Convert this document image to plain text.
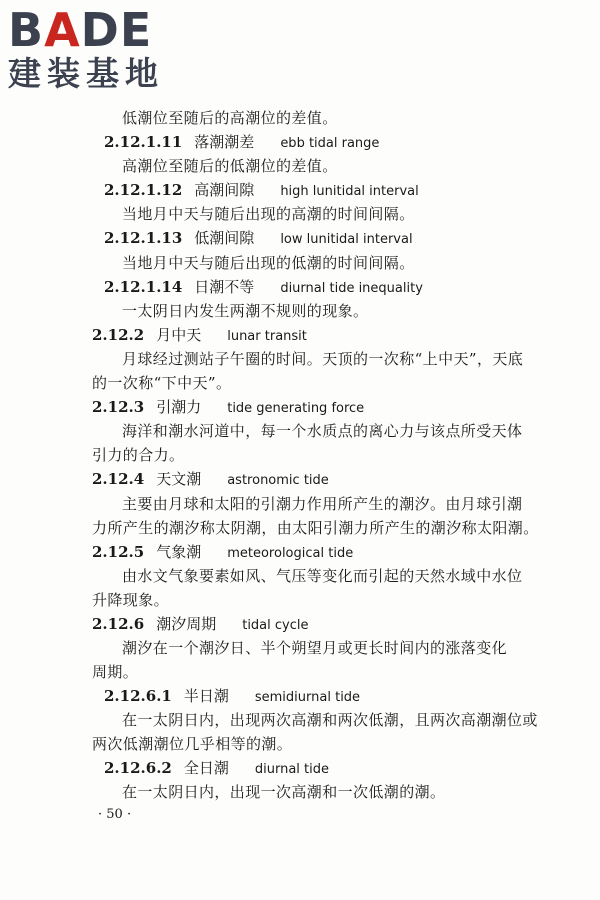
BADE
建装基地
低潮位至随后的高潮位的差值。
2.12.1.11 落潮潮差 ebb tidal range
高潮位至随后的低潮位的差值。
2.12.1.12 高潮间隙 high lunitidal interval
当地月中天与随后出现的高潮的时间间隔。
2.12.1.13 低潮间隙 low lunitidal interval
当地月中天与随后出现的低潮的时间间隔。
2.12.1.14 日潮不等 diurnal tide inequality
一太阴日内发生两潮不规则的现象。
2.12.2 月中天 lunar transit
月球经过测站子午圈的时间。天顶的一次称“上中天”，天底
的一次称“下中天”。
2.12.3 引潮力 tide generating force
海洋和潮水河道中，每一个水质点的离心力与该点所受天体
引力的合力。
2.12.4 天文潮 astronomic tide
主要由月球和太阳的引潮力作用所产生的潮汐。由月球引潮
力所产生的潮汐称太阴潮，由太阳引潮力所产生的潮汐称太阳潮。
2.12.5 气象潮 meteorological tide
由水文气象要素如风、气压等变化而引起的天然水域中水位
升降现象。
2.12.6 潮汐周期 tidal cycle
潮汐在一个潮汐日、半个朔望月或更长时间内的涨落变化
周期。
2.12.6.1 半日潮 semidiurnal tide
在一太阴日内，出现两次高潮和两次低潮，且两次高潮潮位或
两次低潮潮位几乎相等的潮。
2.12.6.2 全日潮 diurnal tide
在一太阴日内，出现一次高潮和一次低潮的潮。
· 50 ·
